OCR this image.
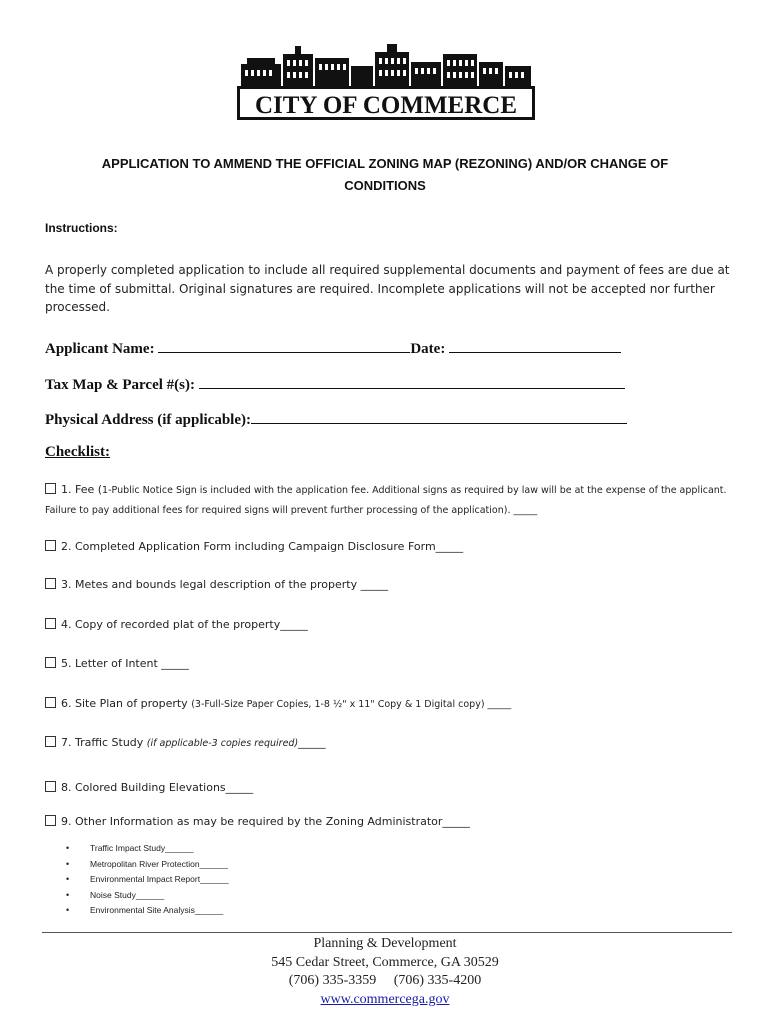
CITY OF COMMERCE
APPLICATION TO AMMEND THE OFFICIAL ZONING MAP (REZONING) AND/OR CHANGE OF
CONDITIONS
Instructions:
A properly completed application to include all required supplemental documents and payment of fees are due at the time of submittal. Original signatures are required. Incomplete applications will not be accepted nor further processed.
Applicant Name:	Date:
Tax Map & Parcel #(s):
Physical Address (if applicable):
Checklist:
1. Fee (1-Public Notice Sign is included with the application fee. Additional signs as required by law will be at the expense of the applicant. Failure to pay additional fees for required signs will prevent further processing of the application). _____
2. Completed Application Form including Campaign Disclosure Form_____
3. Metes and bounds legal description of the property _____
4. Copy of recorded plat of the property_____
5. Letter of Intent _____
6. Site Plan of property (3-Full-Size Paper Copies, 1-8 ½" x 11" Copy & 1 Digital copy) _____
7. Traffic Study (if applicable-3 copies required)_____
8. Colored Building Elevations_____
9. Other Information as may be required by the Zoning Administrator_____
• Traffic Impact Study______
• Metropolitan River Protection______
• Environmental Impact Report______
• Noise Study______
• Environmental Site Analysis______
Planning & Development
545 Cedar Street, Commerce, GA 30529
(706) 335-3359     (706) 335-4200
www.commercega.gov
